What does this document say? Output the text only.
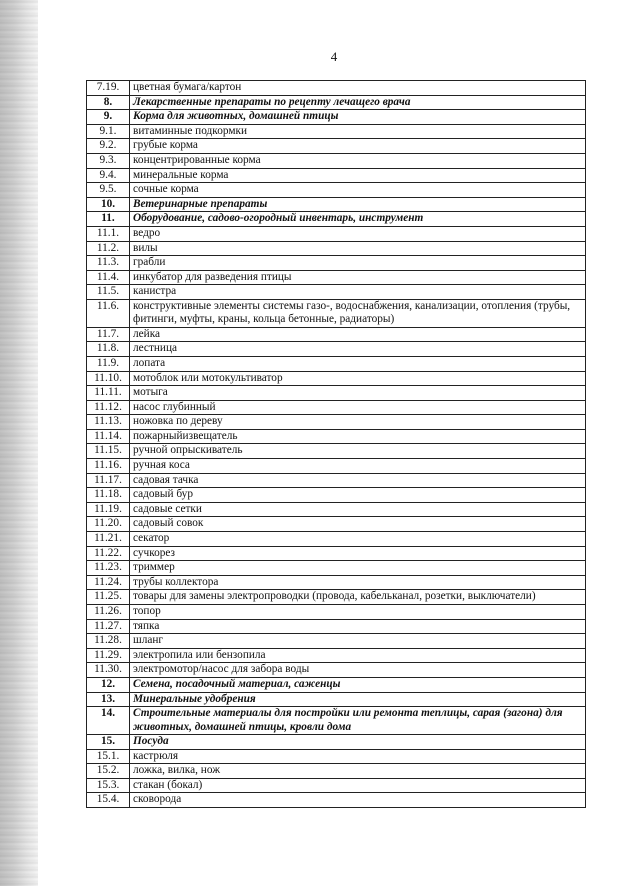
4
7.19.	цветная бумага/картон
8.	Лекарственные препараты по рецепту лечащего врача
9.	Корма для животных, домашней птицы
9.1.	витаминные подкормки
9.2.	грубые корма
9.3.	концентрированные корма
9.4.	минеральные корма
9.5.	сочные корма
10.	Ветеринарные препараты
11.	Оборудование, садово-огородный инвентарь, инструмент
11.1.	ведро
11.2.	вилы
11.3.	грабли
11.4.	инкубатор для разведения птицы
11.5.	канистра
11.6.	конструктивные элементы системы газо-, водоснабжения, канализации, отопления (трубы, фитинги, муфты, краны, кольца бетонные, радиаторы)
11.7.	лейка
11.8.	лестница
11.9.	лопата
11.10.	мотоблок или мотокультиватор
11.11.	мотыга
11.12.	насос глубинный
11.13.	ножовка по дереву
11.14.	пожарныйизвещатель
11.15.	ручной опрыскиватель
11.16.	ручная коса
11.17.	садовая тачка
11.18.	садовый бур
11.19.	садовые сетки
11.20.	садовый совок
11.21.	секатор
11.22.	сучкорез
11.23.	триммер
11.24.	трубы коллектора
11.25.	товары для замены электропроводки (провода, кабельканал, розетки, выключатели)
11.26.	топор
11.27.	тяпка
11.28.	шланг
11.29.	электропила или бензопила
11.30.	электромотор/насос для забора воды
12.	Семена, посадочный материал, саженцы
13.	Минеральные удобрения
14.	Строительные материалы для постройки или ремонта теплицы, сарая (загона) для животных, домашней птицы, кровли дома
15.	Посуда
15.1.	кастрюля
15.2.	ложка, вилка, нож
15.3.	стакан (бокал)
15.4.	сковорода
